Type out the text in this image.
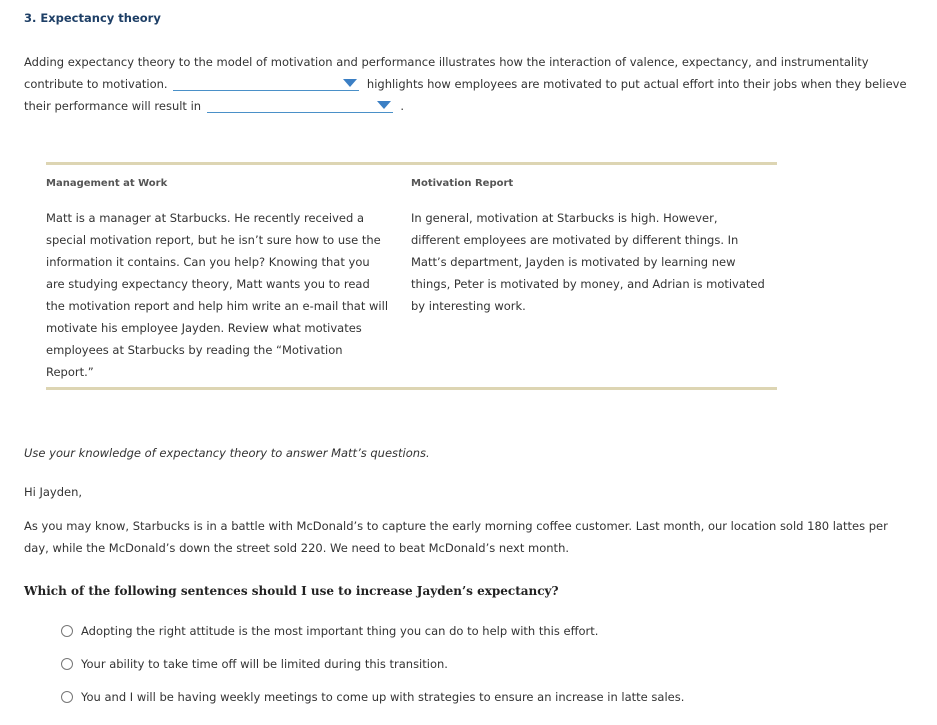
3. Expectancy theory
Adding expectancy theory to the model of motivation and performance illustrates how the interaction of valence, expectancy, and instrumentality contribute to motivation.	highlights how employees are motivated to put actual effort into their jobs when they believe their performance will result in	.
Management at Work
Matt is a manager at Starbucks. He recently received a special motivation report, but he isn’t sure how to use the information it contains. Can you help? Knowing that you are studying expectancy theory, Matt wants you to read the motivation report and help him write an e-mail that will motivate his employee Jayden. Review what motivates employees at Starbucks by reading the “Motivation Report.”
Motivation Report
In general, motivation at Starbucks is high. However, different employees are motivated by different things. In Matt’s department, Jayden is motivated by learning new things, Peter is motivated by money, and Adrian is motivated by interesting work.
Use your knowledge of expectancy theory to answer Matt’s questions.
Hi Jayden,
As you may know, Starbucks is in a battle with McDonald’s to capture the early morning coffee customer. Last month, our location sold 180 lattes per day, while the McDonald’s down the street sold 220. We need to beat McDonald’s next month.
Which of the following sentences should I use to increase Jayden’s expectancy?
Adopting the right attitude is the most important thing you can do to help with this effort.
Your ability to take time off will be limited during this transition.
You and I will be having weekly meetings to come up with strategies to ensure an increase in latte sales.
